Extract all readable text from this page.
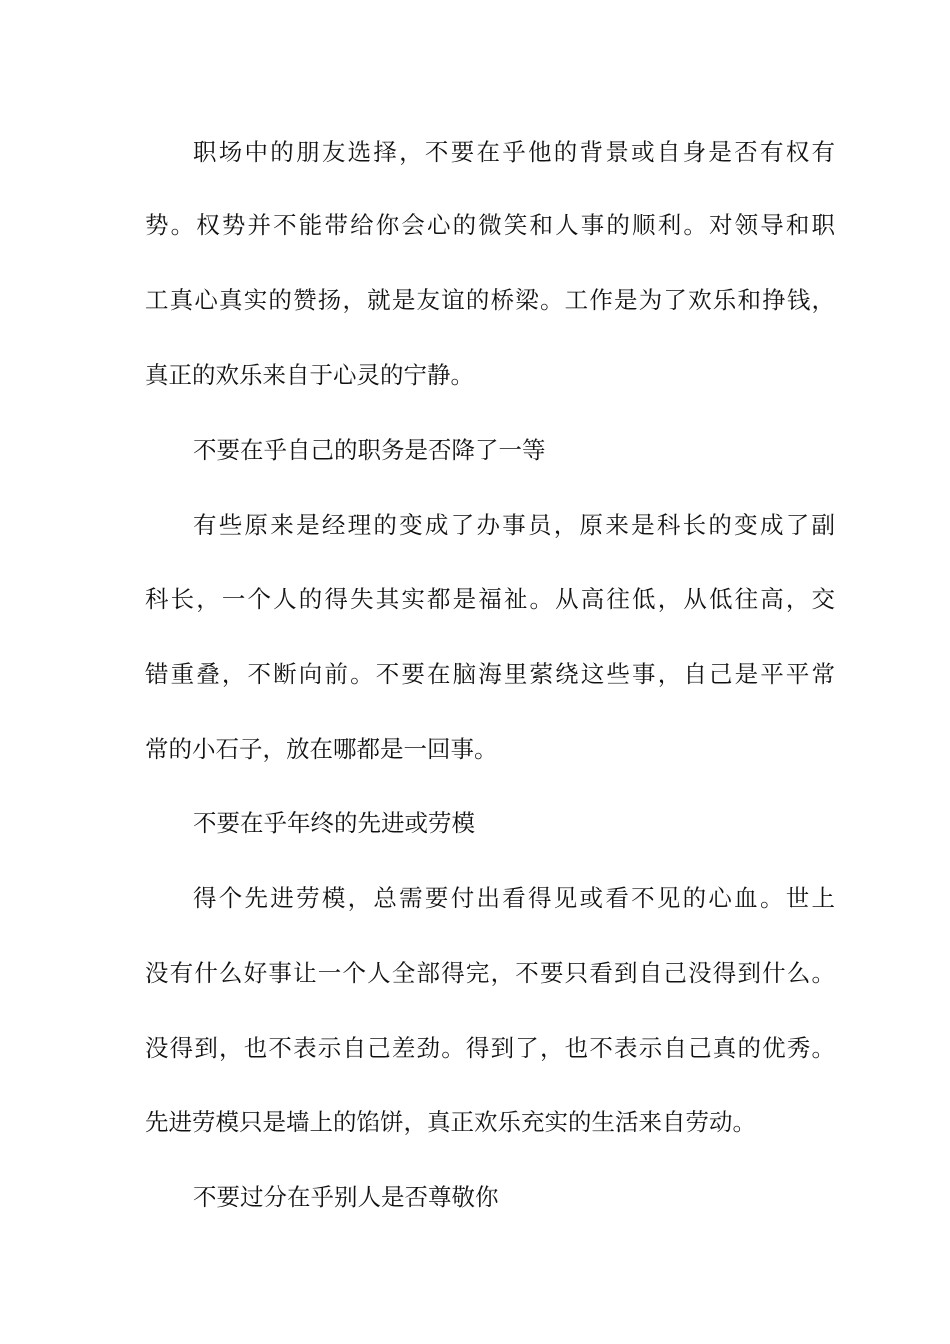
职场中的朋友选择，不要在乎他的背景或自身是否有权有
势。权势并不能带给你会心的微笑和人事的顺利。对领导和职
工真心真实的赞扬，就是友谊的桥梁。工作是为了欢乐和挣钱，
真正的欢乐来自于心灵的宁静。
不要在乎自己的职务是否降了一等
有些原来是经理的变成了办事员，原来是科长的变成了副
科长，一个人的得失其实都是福祉。从高往低，从低往高，交
错重叠，不断向前。不要在脑海里萦绕这些事，自己是平平常
常的小石子，放在哪都是一回事。
不要在乎年终的先进或劳模
得个先进劳模，总需要付出看得见或看不见的心血。世上
没有什么好事让一个人全部得完，不要只看到自己没得到什么。
没得到，也不表示自己差劲。得到了，也不表示自己真的优秀。
先进劳模只是墙上的馅饼，真正欢乐充实的生活来自劳动。
不要过分在乎别人是否尊敬你
